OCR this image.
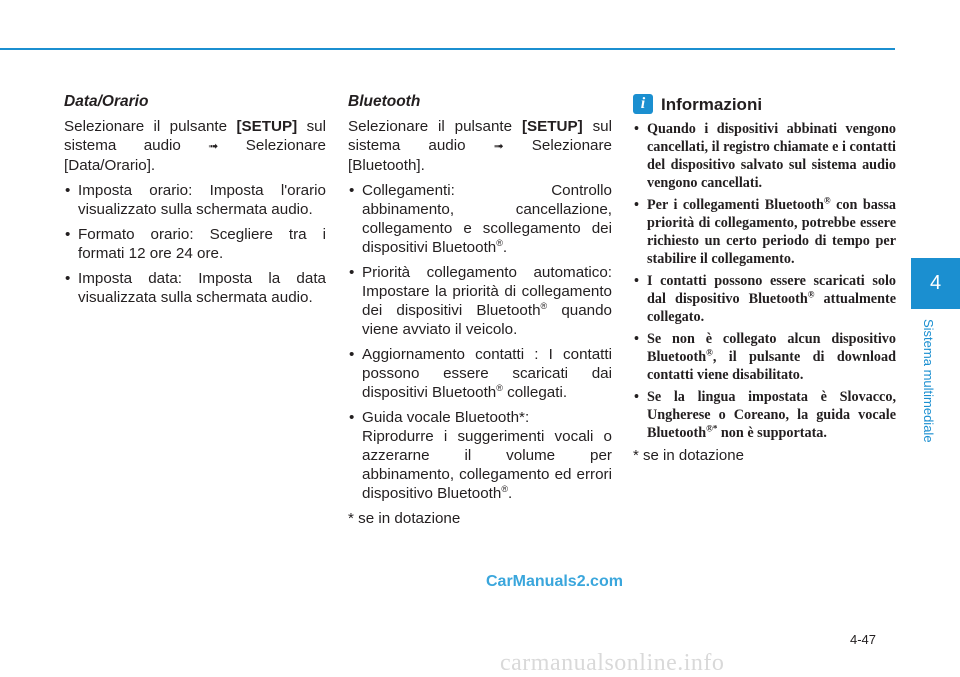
Data/Orario

Selezionare il pulsante [SETUP] sul sistema audio ➟ Selezionare [Data/Orario].

• Imposta orario: Imposta l'orario visualizzato sulla schermata audio.
• Formato orario: Scegliere tra i formati 12 ore 24 ore.
• Imposta data: Imposta la data visualizzata sulla schermata audio.
Bluetooth

Selezionare il pulsante [SETUP] sul sistema audio ➟ Selezionare [Bluetooth].

• Collegamenti: Controllo abbinamento, cancellazione, collegamento e scollegamento dei dispositivi Bluetooth®.
• Priorità collegamento automatico: Impostare la priorità di collegamento dei dispositivi Bluetooth® quando viene avviato il veicolo.
• Aggiornamento contatti : I contatti possono essere scaricati dai dispositivi Bluetooth® collegati.
• Guida vocale Bluetooth*:
Riprodurre i suggerimenti vocali o azzerarne il volume per abbinamento, collegamento ed errori dispositivo Bluetooth®.

* se in dotazione

i Informazioni
• Quando i dispositivi abbinati vengono cancellati, il registro chiamate e i contatti del dispositivo salvato sul sistema audio vengono cancellati.
• Per i collegamenti Bluetooth® con bassa priorità di collegamento, potrebbe essere richiesto un certo periodo di tempo per stabilire il collegamento.
• I contatti possono essere scaricati solo dal dispositivo Bluetooth® attualmente collegato.
• Se non è collegato alcun dispositivo Bluetooth®, il pulsante di download contatti viene disabilitato.
• Se la lingua impostata è Slovacco, Ungherese o Coreano, la guida vocale Bluetooth®* non è supportata.

* se in dotazione

4
Sistema multimediale
CarManuals2.com
4-47
carmanualsonline.info
